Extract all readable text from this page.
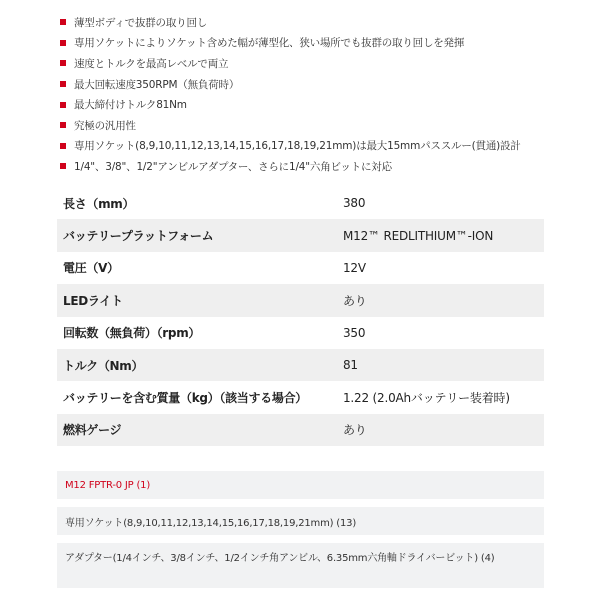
薄型ボディで抜群の取り回し
専用ソケットによりソケット含めた幅が薄型化、狭い場所でも抜群の取り回しを発揮
速度とトルクを最高レベルで両立
最大回転速度350RPM（無負荷時）
最大締付けトルク81Nm
究極の汎用性
専用ソケット(8,9,10,11,12,13,14,15,16,17,18,19,21mm)は最大15mmパススルー(貫通)設計
1/4"、3/8"、1/2"アンビルアダプター、さらに1/4"六角ビットに対応
長さ（mm）	380
バッテリープラットフォーム	M12™ REDLITHIUM™-ION
電圧（V）	12V
LEDライト	あり
回転数（無負荷）（rpm）	350
トルク（Nm）	81
バッテリーを含む質量（kg）（該当する場合）	1.22 (2.0Ahバッテリー装着時)
燃料ゲージ	あり
M12 FPTR-0 JP (1)
専用ソケット(8,9,10,11,12,13,14,15,16,17,18,19,21mm) (13)
アダプター(1/4インチ、3/8インチ、1/2インチ角アンビル、6.35mm六角軸ドライバービット) (4)
